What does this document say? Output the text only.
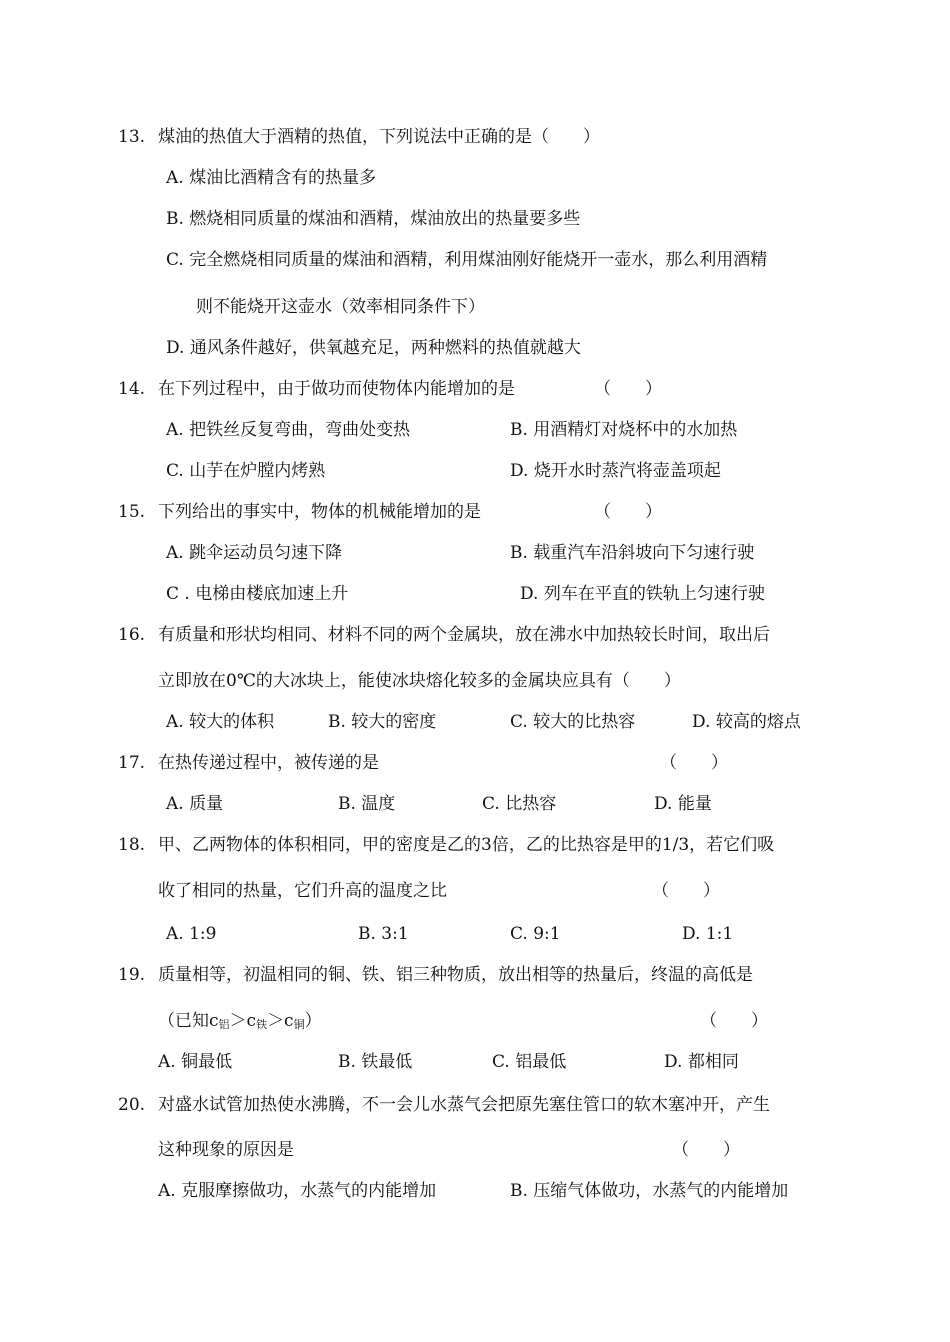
13. 煤油的热值大于酒精的热值，下列说法中正确的是（　　）
A. 煤油比酒精含有的热量多
B. 燃烧相同质量的煤油和酒精，煤油放出的热量要多些
C. 完全燃烧相同质量的煤油和酒精，利用煤油刚好能烧开一壶水，那么利用酒精
则不能烧开这壶水（效率相同条件下）
D. 通风条件越好，供氧越充足，两种燃料的热值就越大
14. 在下列过程中，由于做功而使物体内能增加的是	（　　）
A. 把铁丝反复弯曲，弯曲处变热	B. 用酒精灯对烧杯中的水加热
C. 山芋在炉膛内烤熟	D. 烧开水时蒸汽将壶盖项起
15. 下列给出的事实中，物体的机械能增加的是	（　　）
A. 跳伞运动员匀速下降	B. 载重汽车沿斜坡向下匀速行驶
C . 电梯由楼底加速上升	D. 列车在平直的铁轨上匀速行驶
16. 有质量和形状均相同、材料不同的两个金属块，放在沸水中加热较长时间，取出后
立即放在0℃的大冰块上，能使冰块熔化较多的金属块应具有（　　）
A. 较大的体积	B. 较大的密度	C. 较大的比热容	D. 较高的熔点
17. 在热传递过程中，被传递的是	（　　）
A. 质量	B. 温度	C. 比热容	D. 能量
18. 甲、乙两物体的体积相同，甲的密度是乙的3倍，乙的比热容是甲的1/3，若它们吸
收了相同的热量，它们升高的温度之比	（　　）
A. 1:9	B. 3:1	C. 9:1	D. 1:1
19. 质量相等，初温相同的铜、铁、铝三种物质，放出相等的热量后，终温的高低是
（已知$c_铝>c_铁>c_铜$）	（　　）
A. 铜最低	B. 铁最低	C. 铝最低	D. 都相同
20. 对盛水试管加热使水沸腾，不一会儿水蒸气会把原先塞住管口的软木塞冲开，产生
这种现象的原因是	（　　）
A. 克服摩擦做功，水蒸气的内能增加	B. 压缩气体做功，水蒸气的内能增加
